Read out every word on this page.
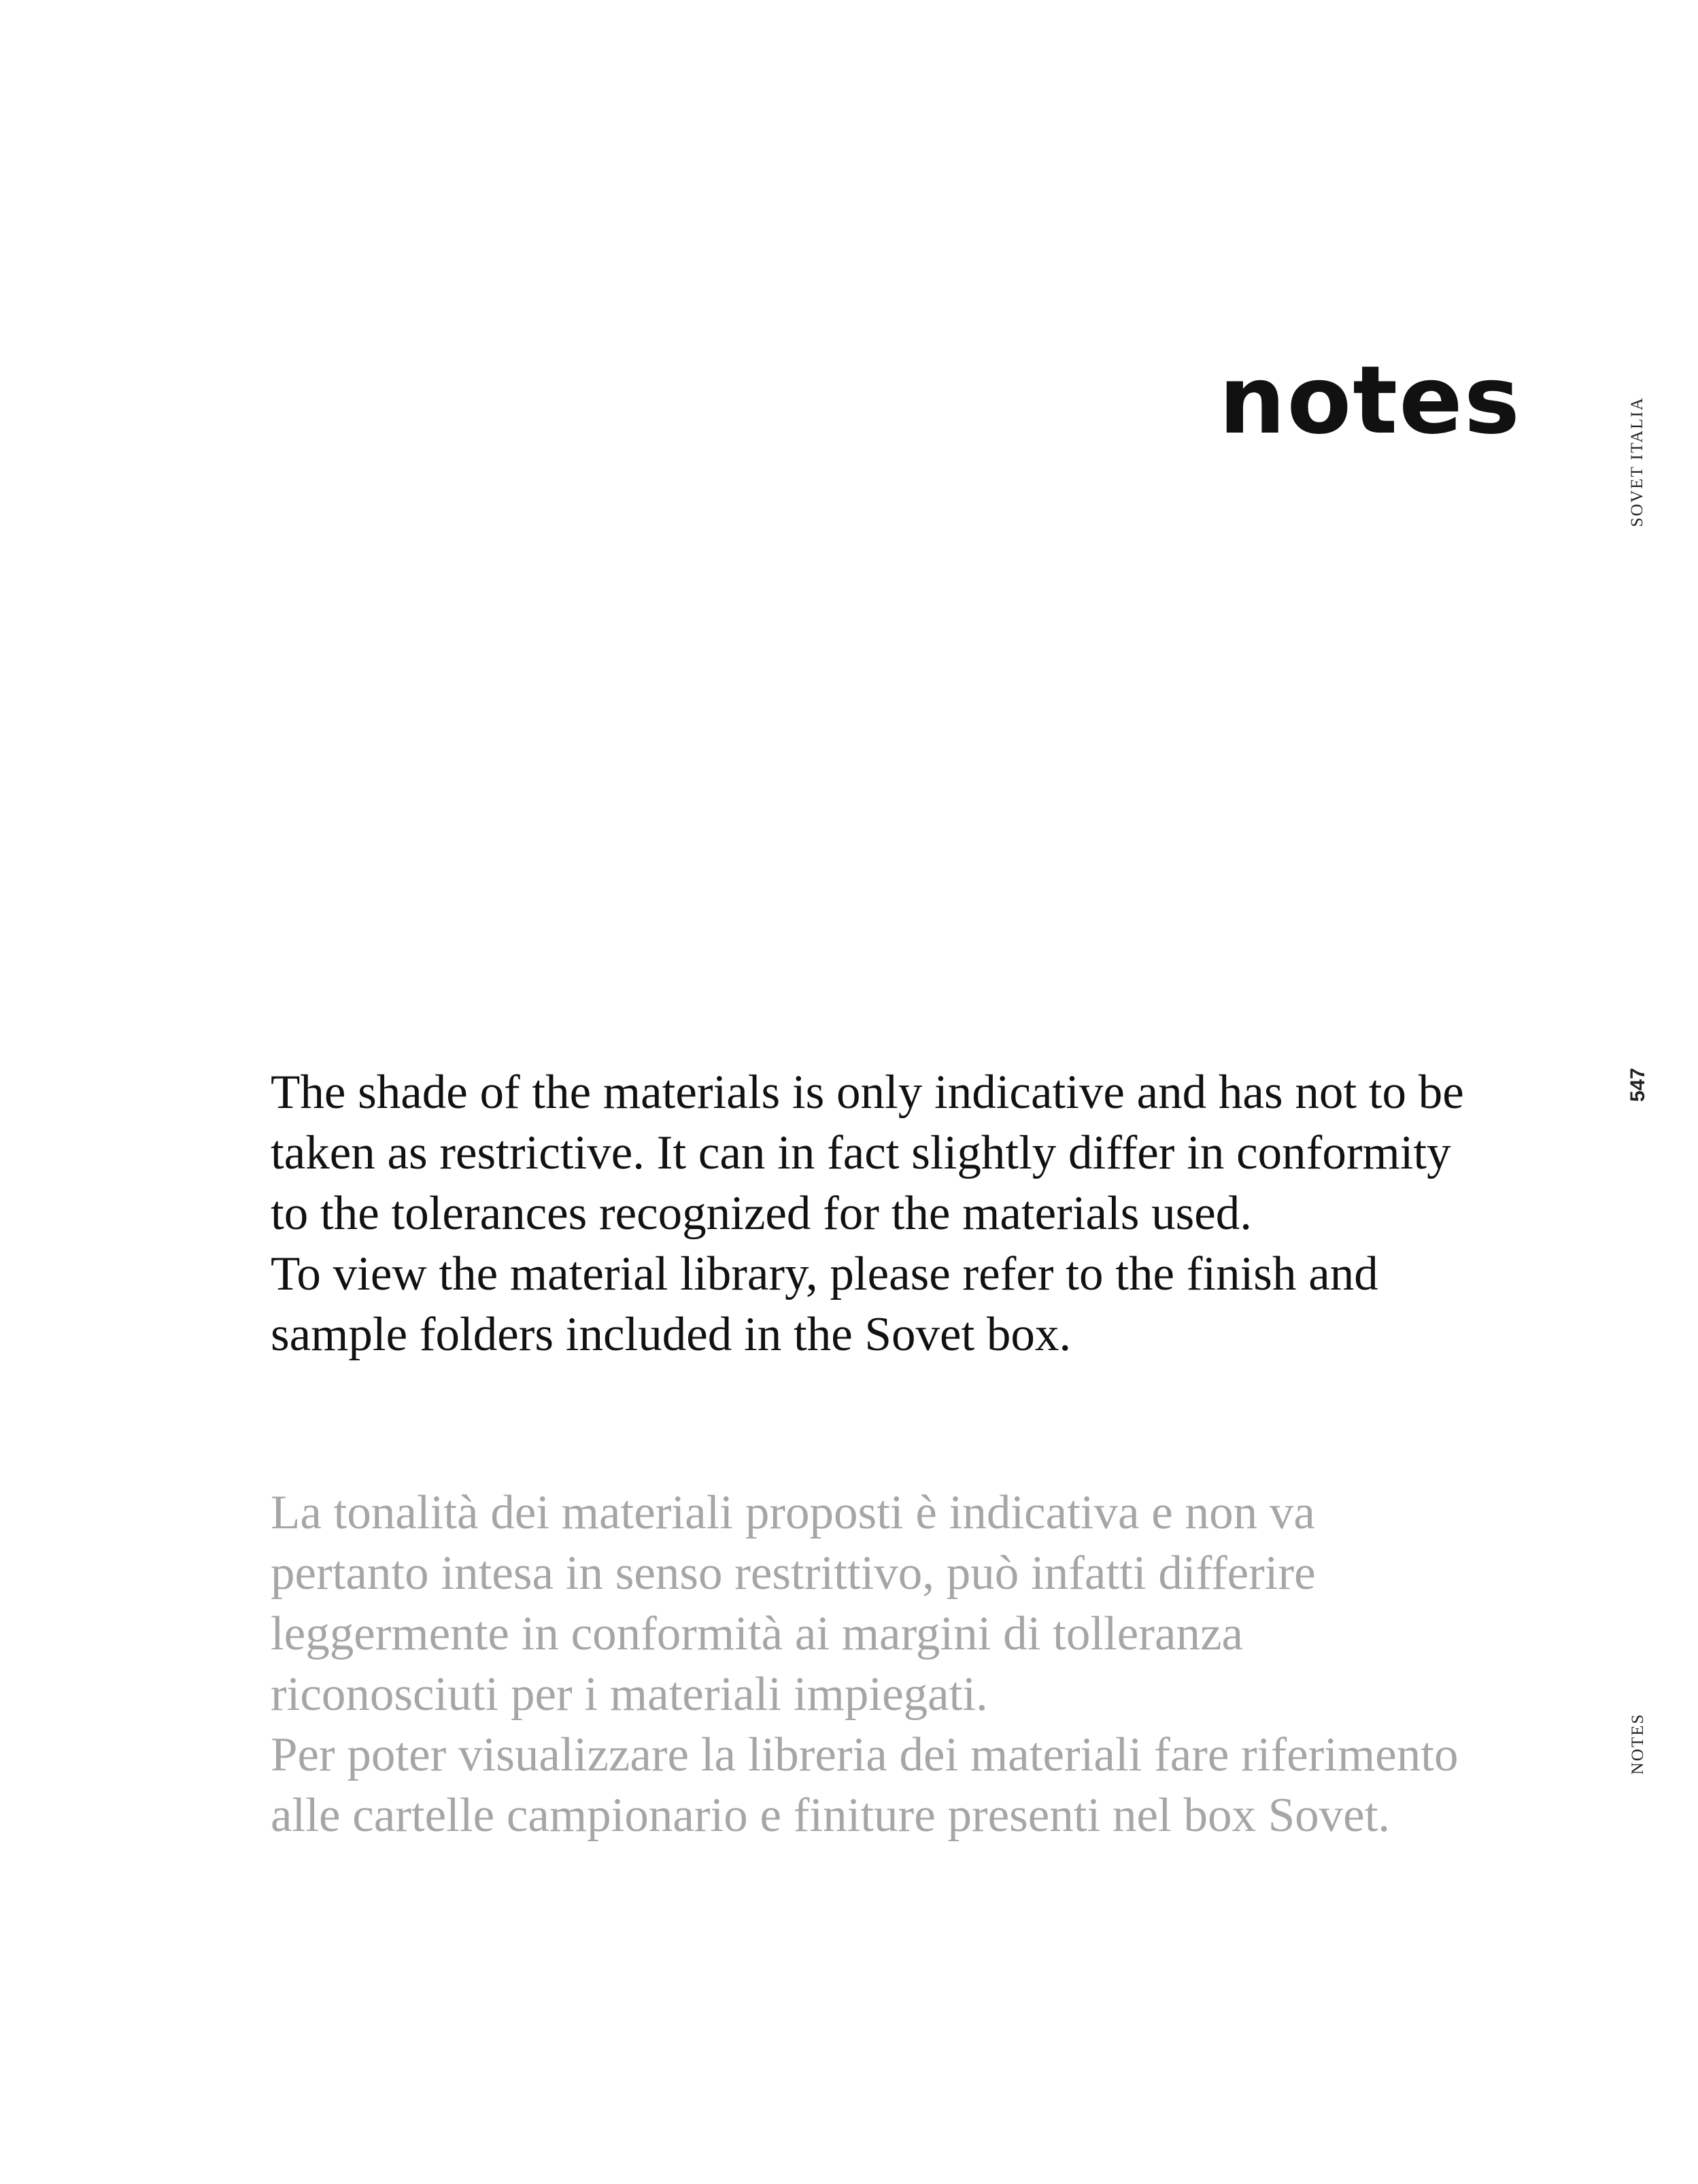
notes	SOVET ITALIA
547
NOTES

The shade of the materials is only indicative and has not to be taken as restrictive. It can in fact slightly differ in conformity to the tolerances recognized for the materials used.

To view the material library, please refer to the finish and sample folders included in the Sovet box.

La tonalità dei materiali proposti è indicativa e non va pertanto intesa in senso restrittivo, può infatti differire leggermente in conformità ai margini di tolleranza riconosciuti per i materiali impiegati.

Per poter visualizzare la libreria dei materiali fare riferimento alle cartelle campionario e finiture presenti nel box Sovet.
